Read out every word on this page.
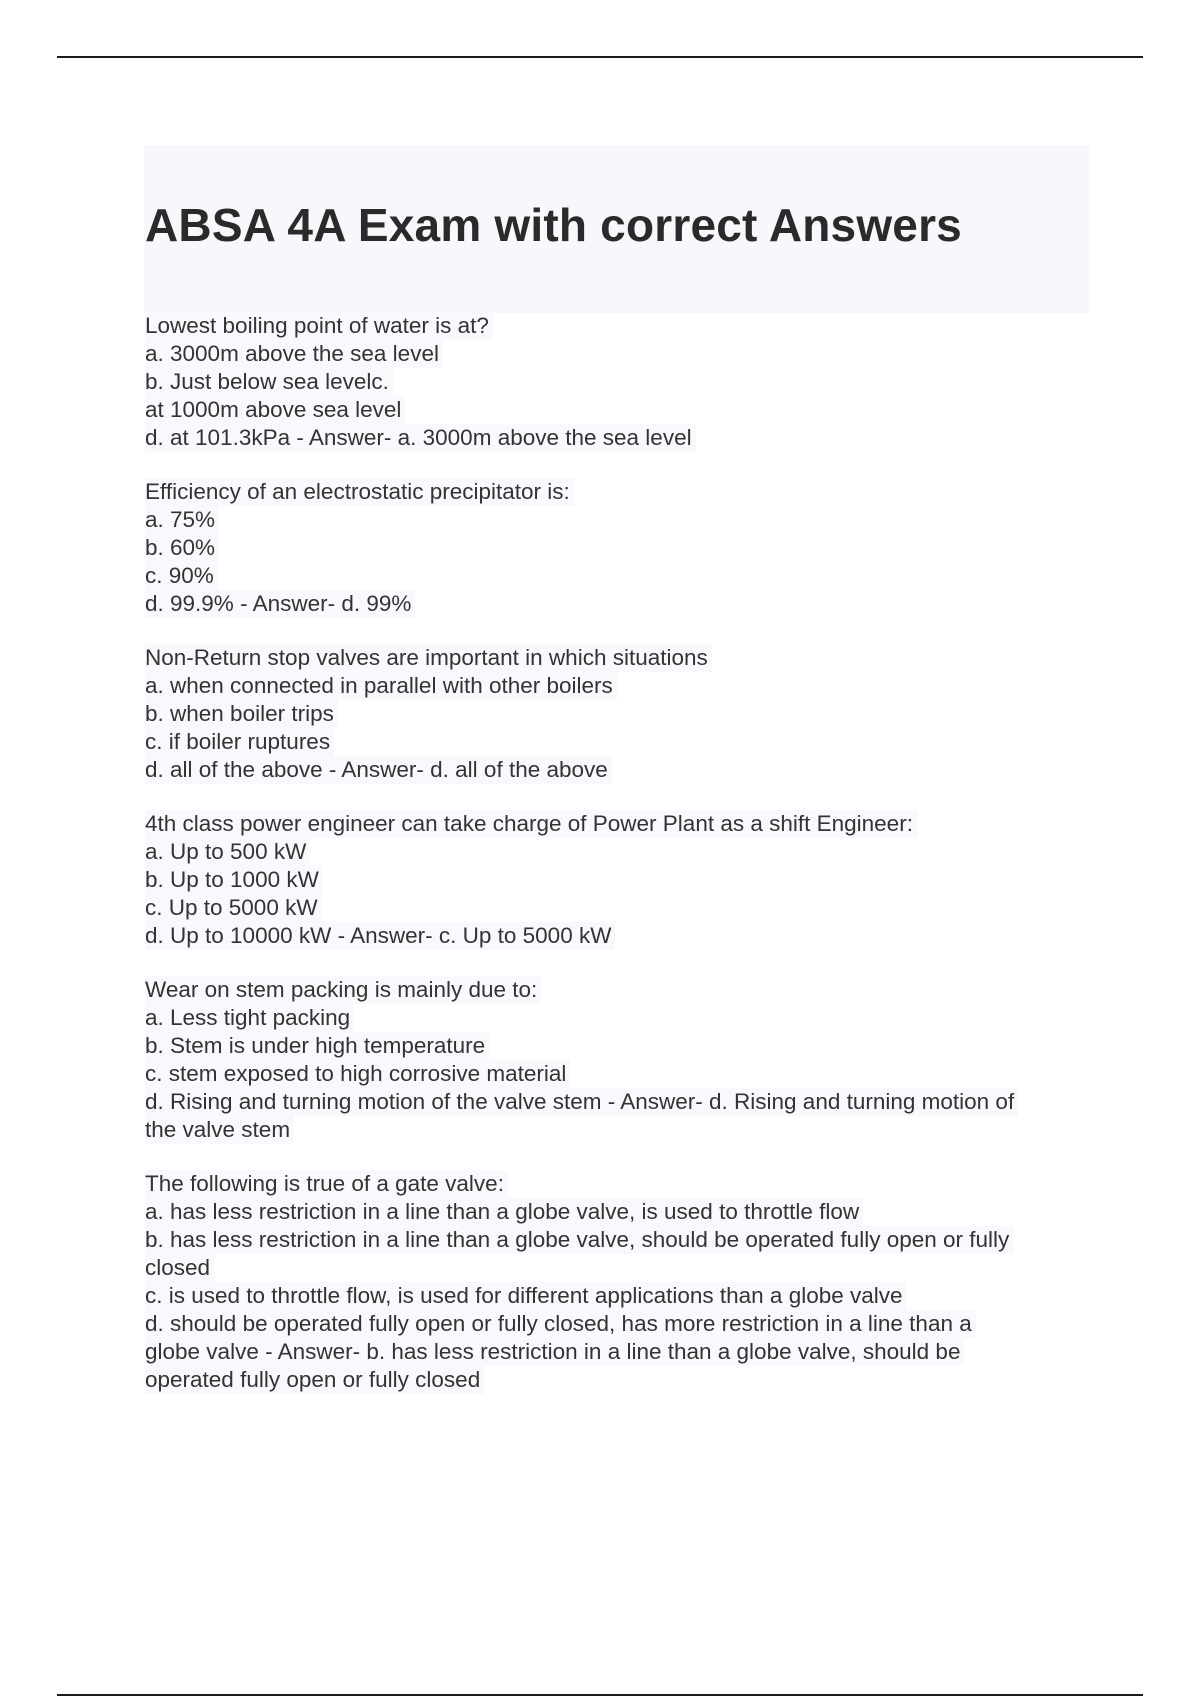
ABSA 4A Exam with correct Answers
Lowest boiling point of water is at?
a. 3000m above the sea level
b. Just below sea levelc.
at 1000m above sea level
d. at 101.3kPa - Answer- a. 3000m above the sea level
Efficiency of an electrostatic precipitator is:
a. 75%
b. 60%
c. 90%
d. 99.9% - Answer- d. 99%
Non-Return stop valves are important in which situations
a. when connected in parallel with other boilers
b. when boiler trips
c. if boiler ruptures
d. all of the above - Answer- d. all of the above
4th class power engineer can take charge of Power Plant as a shift Engineer:
a. Up to 500 kW
b. Up to 1000 kW
c. Up to 5000 kW
d. Up to 10000 kW - Answer- c. Up to 5000 kW
Wear on stem packing is mainly due to:
a. Less tight packing
b. Stem is under high temperature
c. stem exposed to high corrosive material
d. Rising and turning motion of the valve stem - Answer- d. Rising and turning motion of
the valve stem
The following is true of a gate valve:
a. has less restriction in a line than a globe valve, is used to throttle flow
b. has less restriction in a line than a globe valve, should be operated fully open or fully
closed
c. is used to throttle flow, is used for different applications than a globe valve
d. should be operated fully open or fully closed, has more restriction in a line than a
globe valve - Answer- b. has less restriction in a line than a globe valve, should be
operated fully open or fully closed
